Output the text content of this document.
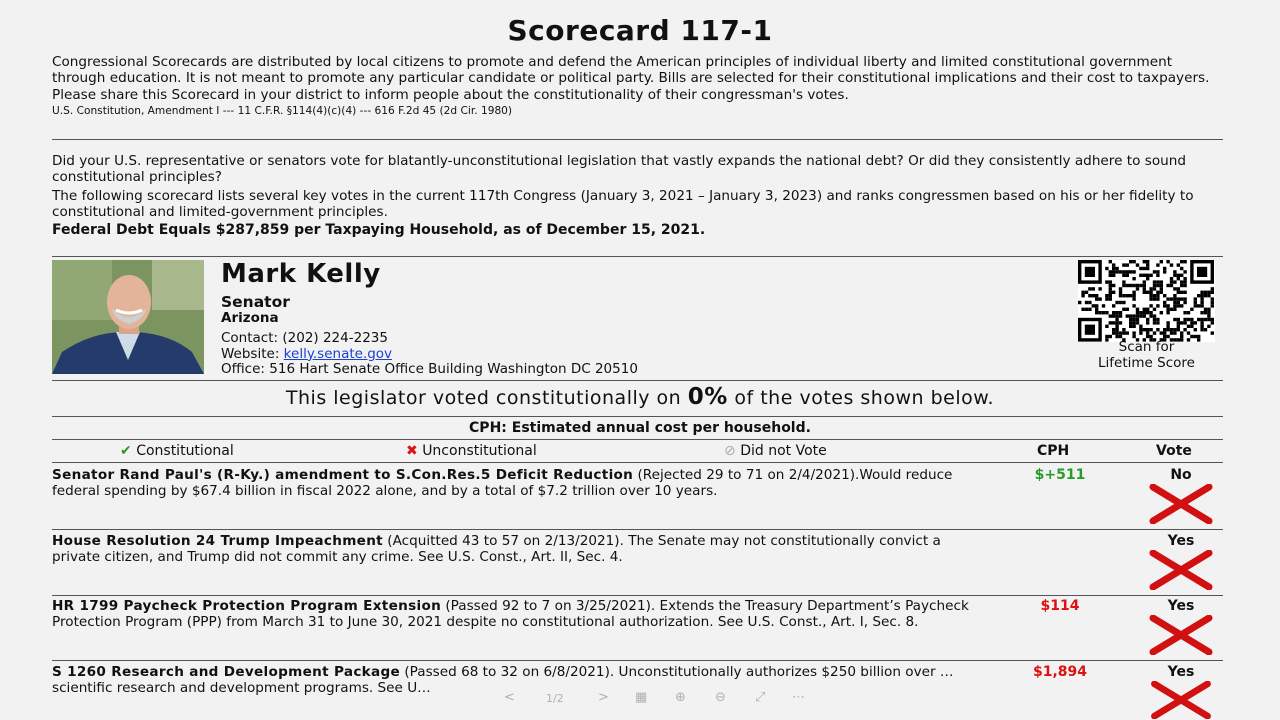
Scorecard 117-1

Congressional Scorecards are distributed by local citizens to promote and defend the American principles of individual liberty and limited constitutional government through education. It is not meant to promote any particular candidate or political party. Bills are selected for their constitutional implications and their cost to taxpayers.

Please share this Scorecard in your district to inform people about the constitutionality of their congressman's votes.

U.S. Constitution, Amendment I --- 11 C.F.R. §114(4)(c)(4) --- 616 F.2d 45 (2d Cir. 1980)

Did your U.S. representative or senators vote for blatantly-unconstitutional legislation that vastly expands the national debt? Or did they consistently adhere to sound constitutional principles?

The following scorecard lists several key votes in the current 117th Congress (January 3, 2021 – January 3, 2023) and ranks congressmen based on his or her fidelity to constitutional and limited-government principles.

Federal Debt Equals $287,859 per Taxpaying Household, as of December 15, 2021.

Mark Kelly
Senator
Arizona
Contact: (202) 224-2235
Website: kelly.senate.gov
Office: 516 Hart Senate Office Building Washington DC 20510
Scan for
Lifetime Score
This legislator voted constitutionally on 0% of the votes shown below.
CPH: Estimated annual cost per household.
✔ Constitutional	✖ Unconstitutional	⊘ Did not Vote	CPH	Vote
Senator Rand Paul's (R-Ky.) amendment to S.Con.Res.5 Deficit Reduction (Rejected 29 to 71 on 2/4/2021).Would reduce federal spending by $67.4 billion in fiscal 2022 alone, and by a total of $7.2 trillion over 10 years.
$+511	No
House Resolution 24 Trump Impeachment (Acquitted 43 to 57 on 2/13/2021). The Senate may not constitutionally convict a private citizen, and Trump did not commit any crime. See U.S. Const., Art. II, Sec. 4.
Yes
HR 1799 Paycheck Protection Program Extension (Passed 92 to 7 on 3/25/2021). Extends the Treasury Department’s Paycheck Protection Program (PPP) from March 31 to June 30, 2021 despite no constitutional authorization. See U.S. Const., Art. I, Sec. 8.
$114	Yes
S 1260 Research and Development Package (Passed 68 to 32 on 6/8/2021). Unconstitutionally authorizes $250 billion over … scientific research and development programs. See U…
$1,894	Yes
<	1/2	> ▦ ⊕ ⊖ ⤢ ⋯
